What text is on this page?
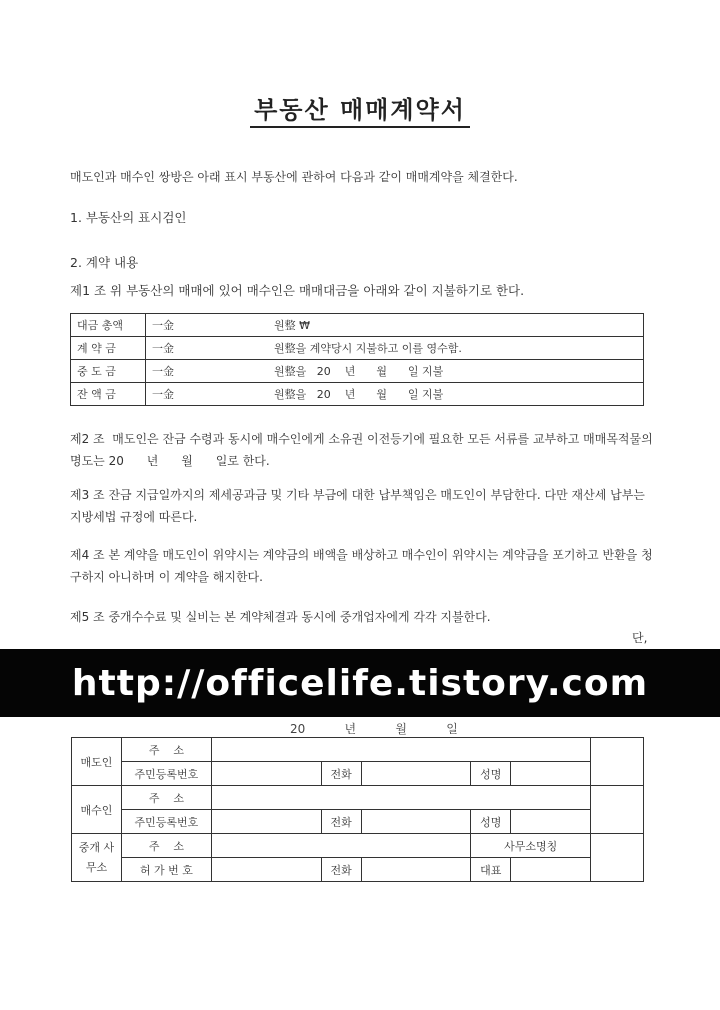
부동산 매매계약서
매도인과 매수인 쌍방은 아래 표시 부동산에 관하여 다음과 같이 매매계약을 체결한다.
1. 부동산의 표시검인
2. 계약 내용
제1 조 위 부동산의 매매에 있어 매수인은 매매대금을 아래와 같이 지불하기로 한다.
대금 총액	一金	원整 ₩
계 약 금	一金	원整을 계약당시 지불하고 이를 영수함.
중 도 금	一金	원整을   20    년      월      일 지불
잔 액 금	一金	원整을   20    년      월      일 지불
제2 조  매도인은 잔금 수령과 동시에 매수인에게 소유권 이전등기에 필요한 모든 서류를 교부하고 매매목적물의 명도는 20      년      월      일로 한다.
제3 조 잔금 지급일까지의 제세공과금 및 기타 부금에 대한 납부책임은 매도인이 부담한다. 다만 재산세 납부는 지방세법 규정에 따른다.
제4 조 본 계약을 매도인이 위약시는 계약금의 배액을 배상하고 매수인이 위약시는 계약금을 포기하고 반환을 청구하지 아니하며 이 계약을 해지한다.
제5 조 중개수수료 및 실비는 본 계약체결과 동시에 중개업자에게 각각 지불한다.
단,
http://officelife.tistory.com
20    년    월    일
매도인	주    소						
	주민등록번호		전화		성명		
매수인	주    소						
	주민등록번호		전화		성명		
중개 사무소	주    소				사무소명칭		
	허 가 번 호		전화		대표		
